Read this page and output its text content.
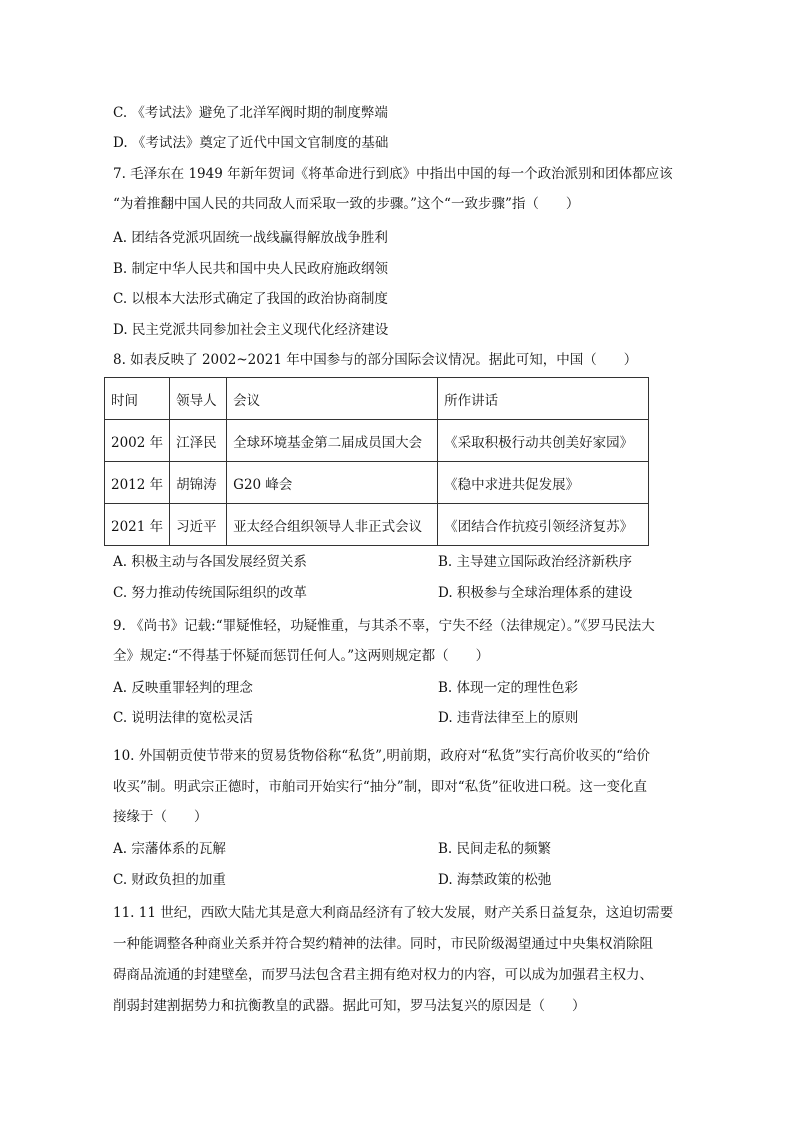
C. 《考试法》避免了北洋军阀时期的制度弊端
D. 《考试法》奠定了近代中国文官制度的基础
7. 毛泽东在 1949 年新年贺词《将革命进行到底》中指出中国的每一个政治派别和团体都应该
“为着推翻中国人民的共同敌人而采取一致的步骤。”这个“一致步骤”指（　　）
A. 团结各党派巩固统一战线赢得解放战争胜利
B. 制定中华人民共和国中央人民政府施政纲领
C. 以根本大法形式确定了我国的政治协商制度
D. 民主党派共同参加社会主义现代化经济建设
8. 如表反映了 2002~2021 年中国参与的部分国际会议情况。据此可知，中国（　　）
时间	领导人	会议	所作讲话
2002 年	江泽民	全球环境基金第二届成员国大会	《采取积极行动共创美好家园》
2012 年	胡锦涛	G20 峰会	《稳中求进共促发展》
2021 年	习近平	亚太经合组织领导人非正式会议	《团结合作抗疫引领经济复苏》
A. 积极主动与各国发展经贸关系	B. 主导建立国际政治经济新秩序
C. 努力推动传统国际组织的改革	D. 积极参与全球治理体系的建设
9. 《尚书》记载:“罪疑惟轻，功疑惟重，与其杀不辜，宁失不经（法律规定）。”《罗马民法大
全》规定:“不得基于怀疑而惩罚任何人。”这两则规定都（　　）
A. 反映重罪轻判的理念	B. 体现一定的理性色彩
C. 说明法律的宽松灵活	D. 违背法律至上的原则
10. 外国朝贡使节带来的贸易货物俗称“私货”,明前期，政府对“私货”实行高价收买的“给价
收买”制。明武宗正德时，市舶司开始实行“抽分”制，即对“私货”征收进口税。这一变化直
接缘于（　　）
A. 宗藩体系的瓦解	B. 民间走私的频繁
C. 财政负担的加重	D. 海禁政策的松弛
11. 11 世纪，西欧大陆尤其是意大利商品经济有了较大发展，财产关系日益复杂，这迫切需要
一种能调整各种商业关系并符合契约精神的法律。同时，市民阶级渴望通过中央集权消除阻
碍商品流通的封建壁垒，而罗马法包含君主拥有绝对权力的内容，可以成为加强君主权力、
削弱封建割据势力和抗衡教皇的武器。据此可知，罗马法复兴的原因是（　　）
